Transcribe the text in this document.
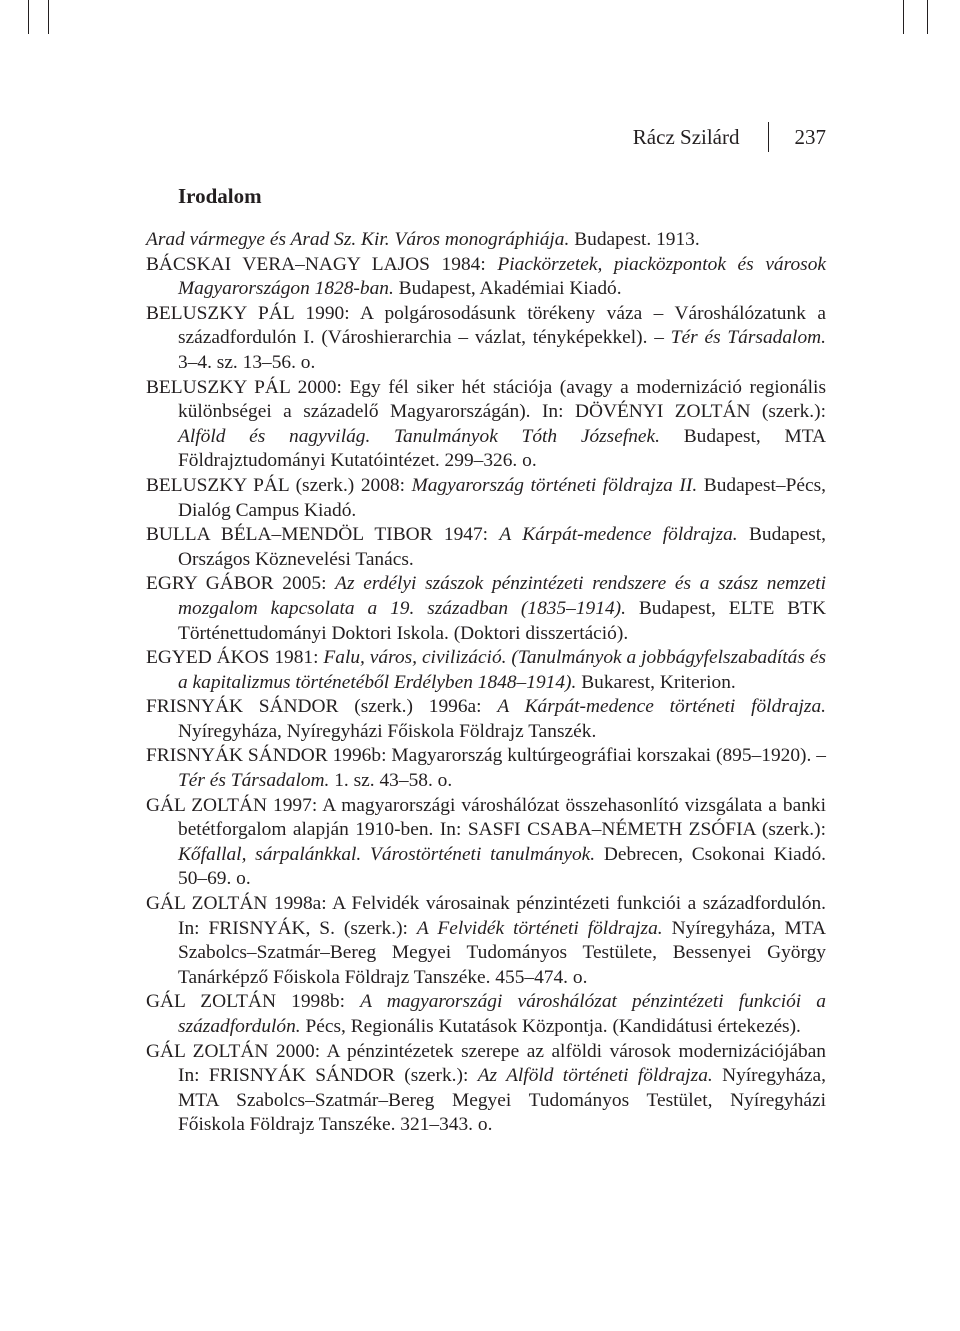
Rácz Szilárd	237
Irodalom
Arad vármegye és Arad Sz. Kir. Város monográphiája. Budapest. 1913.
BÁCSKAI VERA–NAGY LAJOS 1984: Piackörzetek, piacközpontok és városok Magyarországon 1828-ban. Budapest, Akadémiai Kiadó.
BELUSZKY PÁL 1990: A polgárosodásunk törékeny váza – Városhálózatunk a századfordulón I. (Városhierarchia – vázlat, tényképekkel). – Tér és Társadalom. 3–4. sz. 13–56. o.
BELUSZKY PÁL 2000: Egy fél siker hét stációja (avagy a modernizáció regionális különbségei a századelő Magyarországán). In: DÖVÉNYI ZOLTÁN (szerk.): Alföld és nagyvilág. Tanulmányok Tóth Józsefnek. Budapest, MTA Földrajztudományi Kutatóintézet. 299–326. o.
BELUSZKY PÁL (szerk.) 2008: Magyarország történeti földrajza II. Budapest–Pécs, Dialóg Campus Kiadó.
BULLA BÉLA–MENDÖL TIBOR 1947: A Kárpát-medence földrajza. Budapest, Országos Köznevelési Tanács.
EGRY GÁBOR 2005: Az erdélyi szászok pénzintézeti rendszere és a szász nemzeti mozgalom kapcsolata a 19. században (1835–1914). Budapest, ELTE BTK Történettudományi Doktori Iskola. (Doktori disszertáció).
EGYED ÁKOS 1981: Falu, város, civilizáció. (Tanulmányok a jobbágyfelszabadítás és a kapitalizmus történetéből Erdélyben 1848–1914). Bukarest, Kriterion.
FRISNYÁK SÁNDOR (szerk.) 1996a: A Kárpát-medence történeti földrajza. Nyíregyháza, Nyíregyházi Főiskola Földrajz Tanszék.
FRISNYÁK SÁNDOR 1996b: Magyarország kultúrgeográfiai korszakai (895–1920). – Tér és Társadalom. 1. sz. 43–58. o.
GÁL ZOLTÁN 1997: A magyarországi városhálózat összehasonlító vizsgálata a banki betétforgalom alapján 1910-ben. In: SASFI CSABA–NÉMETH ZSÓFIA (szerk.): Kőfallal, sárpalánkkal. Várostörténeti tanulmányok. Debrecen, Csokonai Kiadó. 50–69. o.
GÁL ZOLTÁN 1998a: A Felvidék városainak pénzintézeti funkciói a századfordulón. In: FRISNYÁK, S. (szerk.): A Felvidék történeti földrajza. Nyíregyháza, MTA Szabolcs–Szatmár–Bereg Megyei Tudományos Testülete, Bessenyei György Tanárképző Főiskola Földrajz Tanszéke. 455–474. o.
GÁL ZOLTÁN 1998b: A magyarországi városhálózat pénzintézeti funkciói a századfordulón. Pécs, Regionális Kutatások Központja. (Kandidátusi értekezés).
GÁL ZOLTÁN 2000: A pénzintézetek szerepe az alföldi városok modernizációjában In: FRISNYÁK SÁNDOR (szerk.): Az Alföld történeti földrajza. Nyíregyháza, MTA Szabolcs–Szatmár–Bereg Megyei Tudományos Testület, Nyíregyházi Főiskola Földrajz Tanszéke. 321–343. o.
